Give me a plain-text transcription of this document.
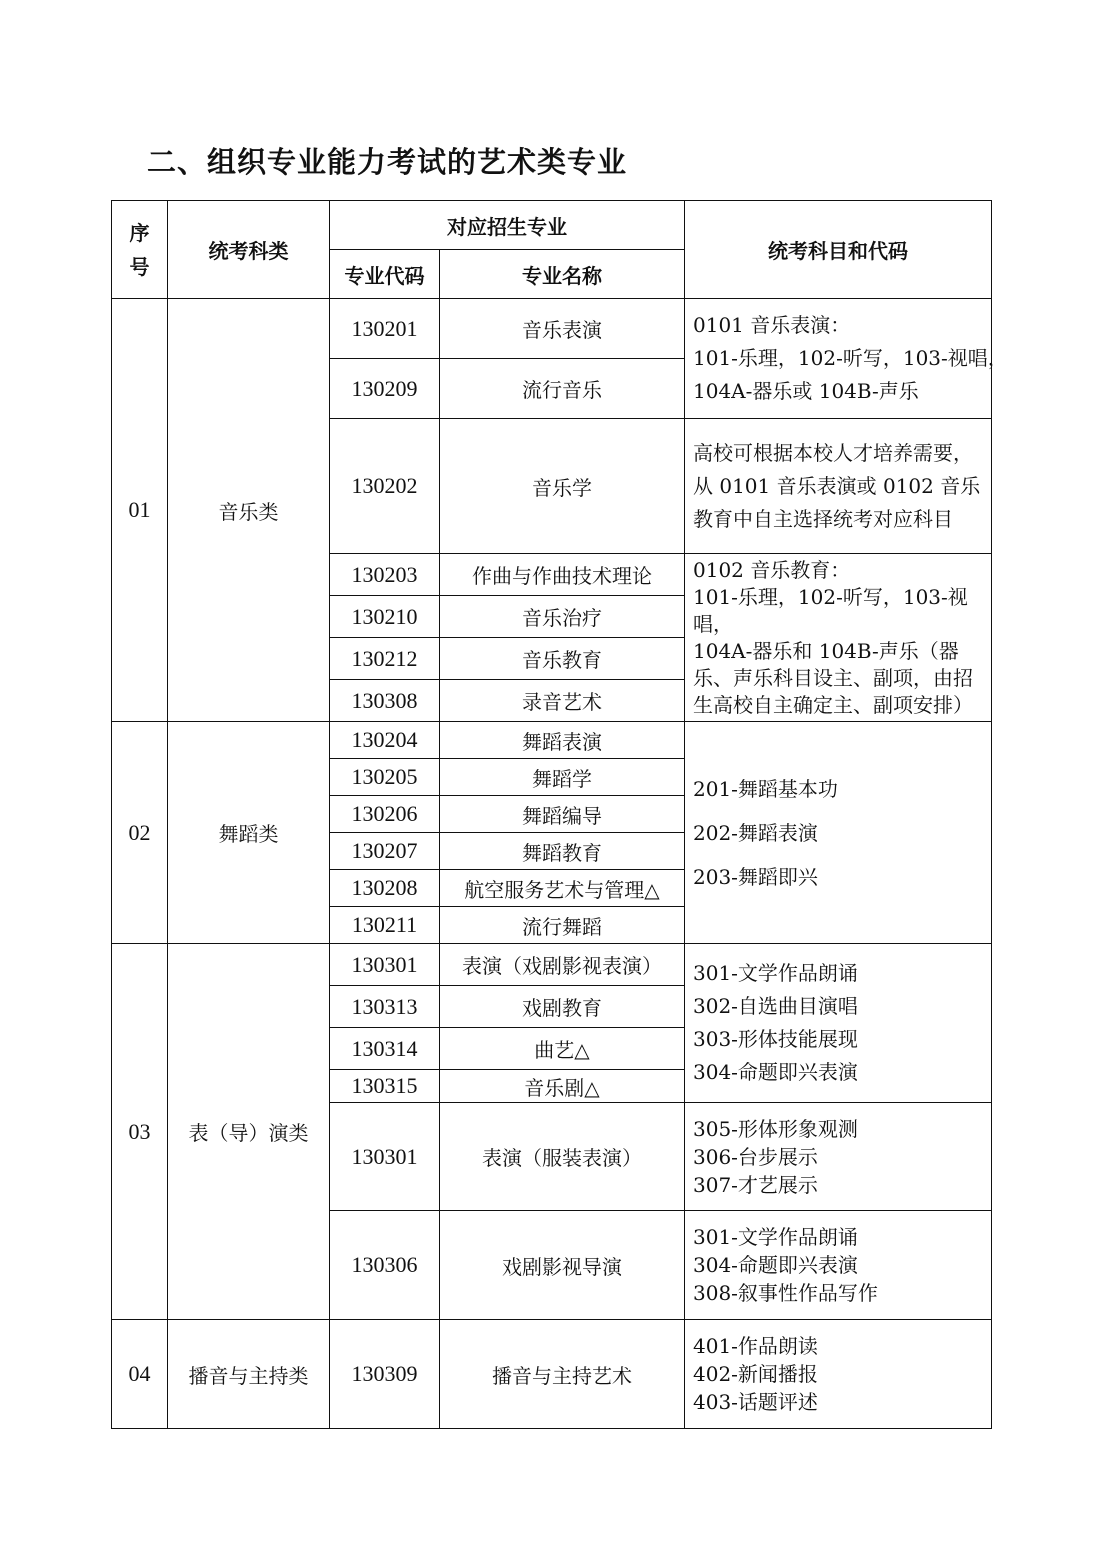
二、组织专业能力考试的艺术类专业
序
号	统考科类	对应招生专业		统考科目和代码
		专业代码	专业名称	
01	音乐类	130201	音乐表演	0101 音乐表演：
101-乐理，102-听写，103-视唱，
104A-器乐或 104B-声乐

		130209	流行音乐	
		130202	音乐学	高校可根据本校人才培养需要，从 0101 音乐表演或 0102 音乐教育中自主选择统考对应科目

		130203	作曲与作曲技术理论	0102 音乐教育：
101-乐理，102-听写，103-视唱，
104A-器乐和 104B-声乐（器乐、声乐科目设主、副项，由招生高校自主确定主、副项安排）

		130210	音乐治疗	
		130212	音乐教育	
		130308	录音艺术	
02	舞蹈类	130204	舞蹈表演	201-舞蹈基本功
202-舞蹈表演
203-舞蹈即兴

		130205	舞蹈学	
		130206	舞蹈编导	
		130207	舞蹈教育	
		130208	航空服务艺术与管理△	
		130211	流行舞蹈	
03	表（导）演类	130301	表演（戏剧影视表演）	301-文学作品朗诵
302-自选曲目演唱
303-形体技能展现
304-命题即兴表演

		130313	戏剧教育	
		130314	曲艺△	
		130315	音乐剧△	
		130301	表演（服装表演）	305-形体形象观测
306-台步展示
307-才艺展示

		130306	戏剧影视导演	301-文学作品朗诵
304-命题即兴表演
308-叙事性作品写作

04	播音与主持类	130309	播音与主持艺术	401-作品朗读
402-新闻播报
403-话题评述
